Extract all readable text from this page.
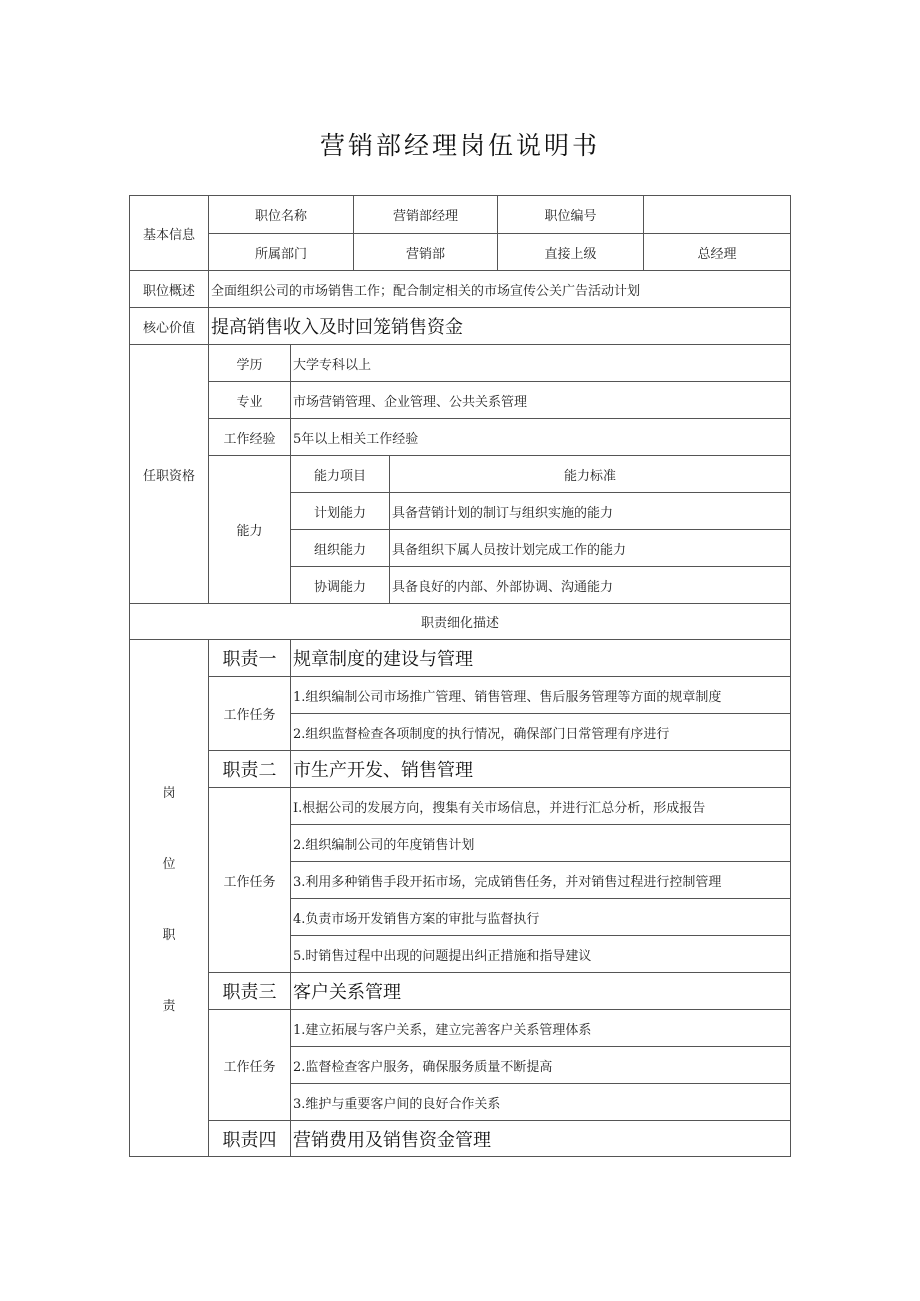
营销部经理岗伍说明书
基本信息
职位名称	营销部经理	职位编号
所属部门	营销部	直接上级	总经理
职位概述	全面组织公司的市场销售工作；配合制定相关的市场宣传公关广告活动计划
核心价值 提高销售收入及时回笼销售资金
任职资格
学历	大学专科以上
专业	市场营销管理、企业管理、公共关系管理
工作经验	5年以上相关工作经验
能力
能力项目	能力标准
计划能力	具备营销计划的制订与组织实施的能力
组织能力	具备组织下属人员按计划完成工作的能力
协调能力	具备良好的内部、外部协调、沟通能力
职责细化描述
岗
位
职
责
职责一 规章制度的建设与管理
工作任务
1.组织编制公司市场推广管理、销售管理、售后服务管理等方面的规章制度
2.组织监督检查各项制度的执行情况，确保部门日常管理有序进行
职责二 市生产开发、销售管理
工作任务
I.根据公司的发展方向，搜集有关市场信息，并进行汇总分析，形成报告
2.组织编制公司的年度销售计划
3.利用多种销售手段开拓市场，完成销售任务，并对销售过程进行控制管理
4.负责市场开发销售方案的审批与监督执行
5.时销售过程中出现的问题提出纠正措施和指导建议
职责三 客户关系管理
工作任务
1.建立拓展与客户关系，建立完善客户关系管理体系
2.监督检查客户服务，确保服务质量不断提高
3.维护与重要客户间的良好合作关系
职责四 营销费用及销售资金管理
